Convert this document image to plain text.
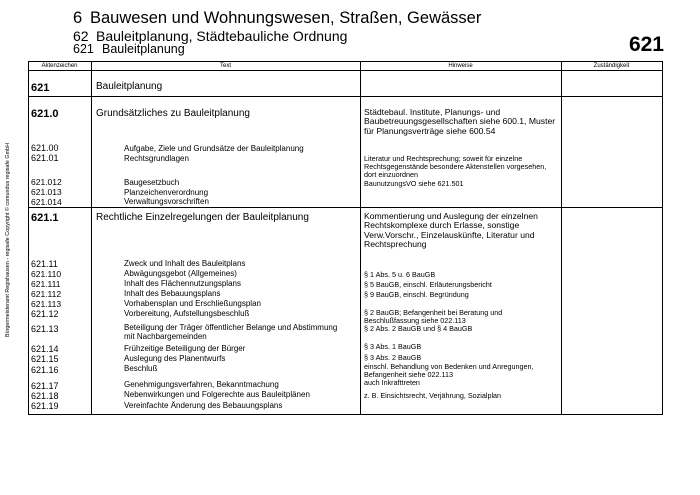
6 Bauwesen und Wohnungswesen, Straßen, Gewässer
62 Bauleitplanung, Städtebauliche Ordnung
621 Bauleitplanung	621
Bürgermeisteramt Regishausen - regisafe Copyright © comundus regisafe GmbH
Aktenzeichen	Text	Hinweise	Zuständigkeit
621	Bauleitplanung
621.0	Grundsätzliches zu Bauleitplanung	Städtebaul. Institute, Planungs- und
Baubetreuungsgesellschaften siehe 600.1, Muster
für Planungsverträge siehe 600.54
621.00	Aufgabe, Ziele und Grundsätze der Bauleitplanung
621.01	Rechtsgrundlagen	Literatur und Rechtsprechung; soweit für einzelne
Rechtsgegenstände besondere Aktenstellen vorgesehen,
dort einzuordnen
621.012	Baugesetzbuch	BaunutzungsVO siehe 621.501
621.013	Planzeichenverordnung
621.014	Verwaltungsvorschriften
621.1	Rechtliche Einzelregelungen der Bauleitplanung	Kommentierung und Auslegung der einzelnen
Rechtskomplexe durch Erlasse, sonstige
Verw.Vorschr., Einzelauskünfte, Literatur und
Rechtsprechung
621.11	Zweck und Inhalt des Bauleitplans
621.110	Abwägungsgebot (Allgemeines)	§ 1 Abs. 5 u. 6 BauGB
621.111	Inhalt des Flächennutzungsplans	§ 5 BauGB, einschl. Erläuterungsbericht
621.112	Inhalt des Bebauungsplans	§ 9 BauGB, einschl. Begründung
621.113	Vorhabensplan und Erschließungsplan
621.12	Vorbereitung, Aufstellungsbeschluß	§ 2 BauGB; Befangenheit bei Beratung und
Beschlußfassung siehe 022.113
621.13	Beteiligung der Träger öffentlicher Belange und Abstimmung
mit Nachbargemeinden
§ 2 Abs. 2 BauGB und § 4 BauGB
621.14	Frühzeitige Beteiligung der Bürger	§ 3 Abs. 1 BauGB
621.15	Auslegung des Planentwurfs	§ 3 Abs. 2 BauGB
621.16	Beschluß	einschl. Behandlung von Bedenken und Anregungen,
Befangenheit siehe 022.113
auch Inkrafttreten
621.17	Genehmigungsverfahren, Bekanntmachung
621.18	Nebenwirkungen und Folgerechte aus Bauleitplänen	z. B. Einsichtsrecht, Verjährung, Sozialplan
621.19	Vereinfachte Änderung des Bebauungsplans
